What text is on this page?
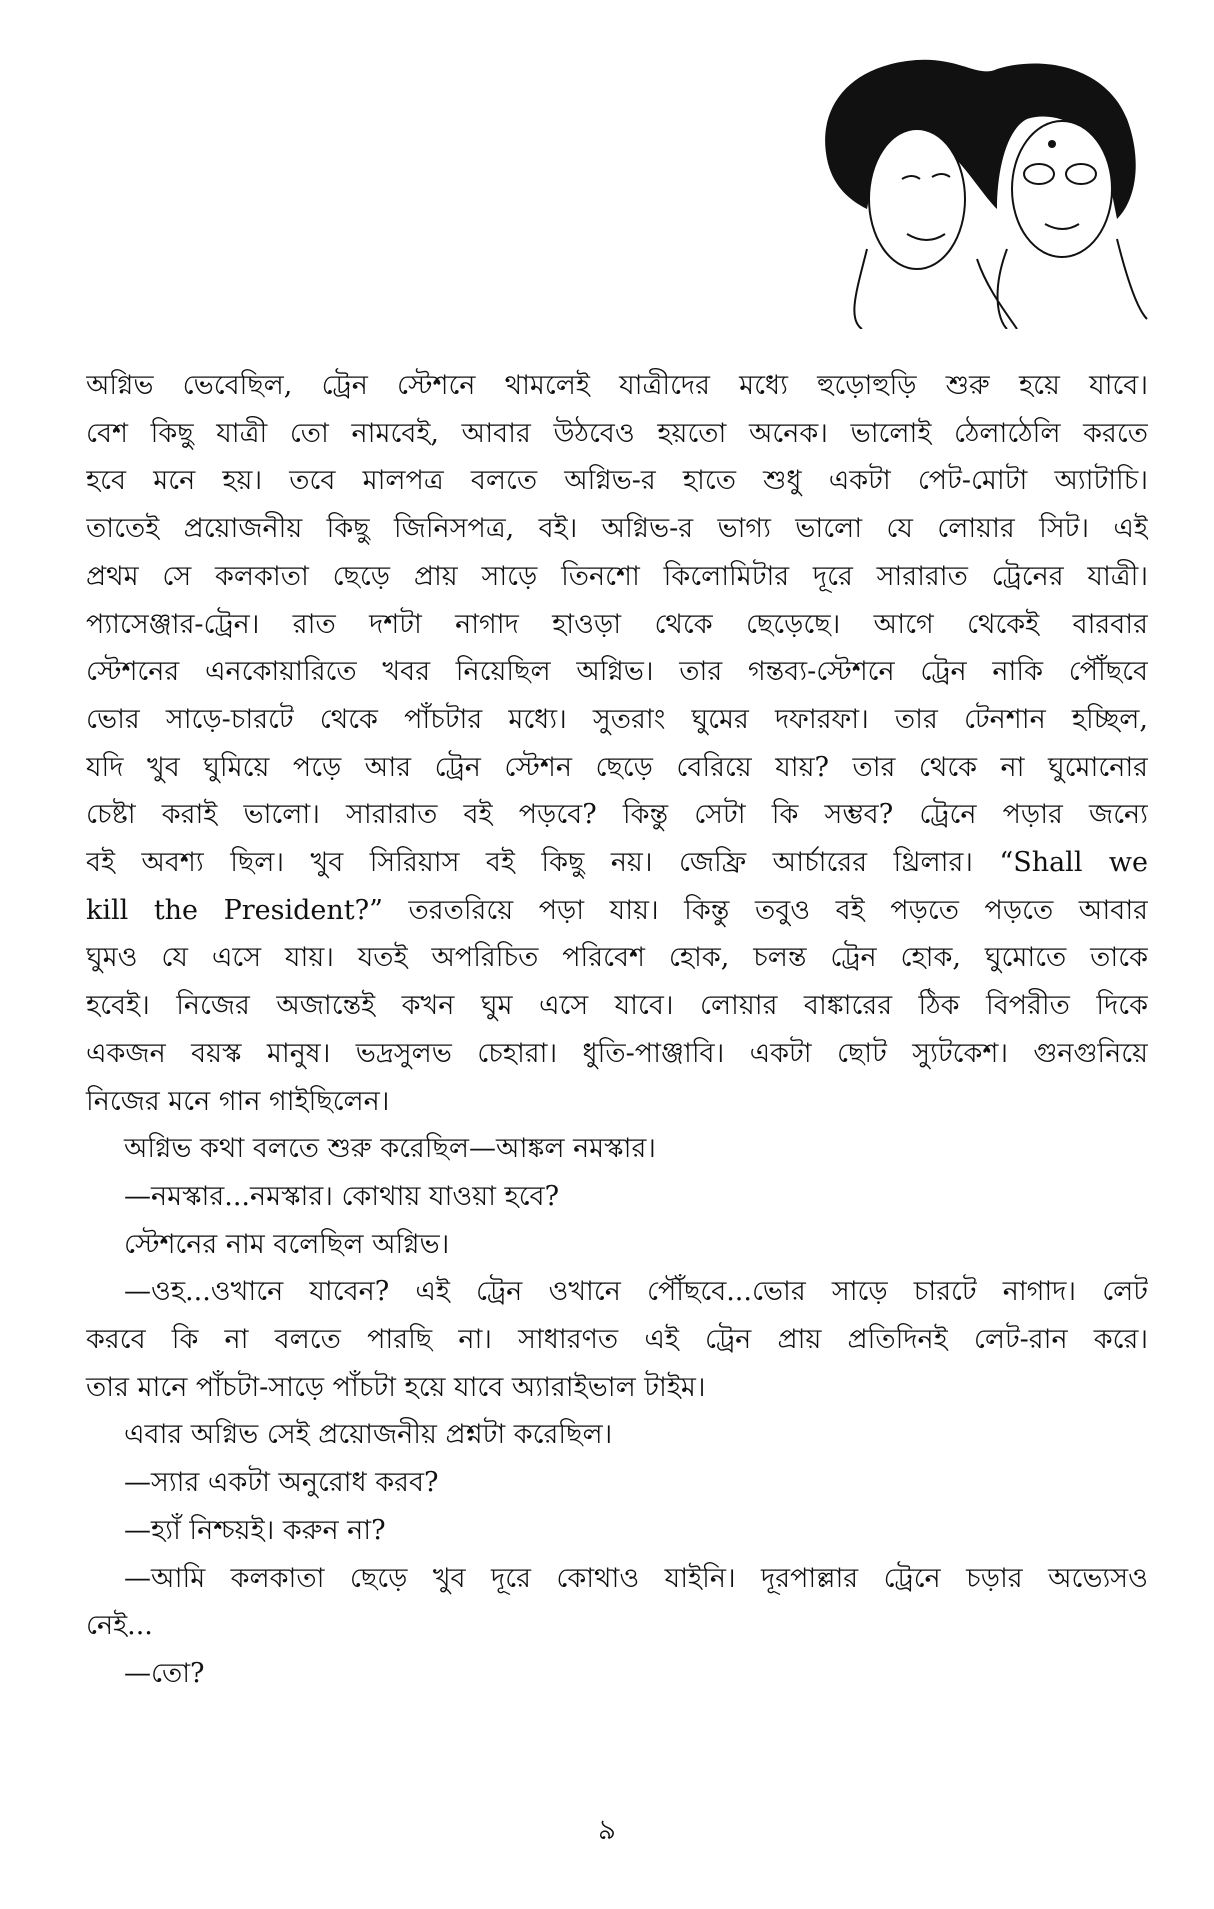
অগ্নিভ ভেবেছিল, ট্রেন স্টেশনে থামলেই যাত্রীদের মধ্যে হুড়োহুড়ি শুরু হয়ে যাবে।
বেশ কিছু যাত্রী তো নামবেই, আবার উঠবেও হয়তো অনেক। ভালোই ঠেলাঠেলি করতে
হবে মনে হয়। তবে মালপত্র বলতে অগ্নিভ-র হাতে শুধু একটা পেট-মোটা অ্যাটাচি।
তাতেই প্রয়োজনীয় কিছু জিনিসপত্র, বই। অগ্নিভ-র ভাগ্য ভালো যে লোয়ার সিট। এই
প্রথম সে কলকাতা ছেড়ে প্রায় সাড়ে তিনশো কিলোমিটার দূরে সারারাত ট্রেনের যাত্রী।
প্যাসেঞ্জার-ট্রেন। রাত দশটা নাগাদ হাওড়া থেকে ছেড়েছে। আগে থেকেই বারবার
স্টেশনের এনকোয়ারিতে খবর নিয়েছিল অগ্নিভ। তার গন্তব্য-স্টেশনে ট্রেন নাকি পৌঁছবে
ভোর সাড়ে-চারটে থেকে পাঁচটার মধ্যে। সুতরাং ঘুমের দফারফা। তার টেনশান হচ্ছিল,
যদি খুব ঘুমিয়ে পড়ে আর ট্রেন স্টেশন ছেড়ে বেরিয়ে যায়? তার থেকে না ঘুমোনোর
চেষ্টা করাই ভালো। সারারাত বই পড়বে? কিন্তু সেটা কি সম্ভব? ট্রেনে পড়ার জন্যে
বই অবশ্য ছিল। খুব সিরিয়াস বই কিছু নয়। জেফ্রি আর্চারের থ্রিলার। “Shall we
kill the President?” তরতরিয়ে পড়া যায়। কিন্তু তবুও বই পড়তে পড়তে আবার
ঘুমও যে এসে যায়। যতই অপরিচিত পরিবেশ হোক, চলন্ত ট্রেন হোক, ঘুমোতে তাকে
হবেই। নিজের অজান্তেই কখন ঘুম এসে যাবে। লোয়ার বাঙ্কারের ঠিক বিপরীত দিকে
একজন বয়স্ক মানুষ। ভদ্রসুলভ চেহারা। ধুতি-পাঞ্জাবি। একটা ছোট স্যুটকেশ। গুনগুনিয়ে
নিজের মনে গান গাইছিলেন।
অগ্নিভ কথা বলতে শুরু করেছিল—আঙ্কল নমস্কার।
—নমস্কার...নমস্কার। কোথায় যাওয়া হবে?
স্টেশনের নাম বলেছিল অগ্নিভ।
—ওহ...ওখানে যাবেন? এই ট্রেন ওখানে পৌঁছবে...ভোর সাড়ে চারটে নাগাদ। লেট
করবে কি না বলতে পারছি না। সাধারণত এই ট্রেন প্রায় প্রতিদিনই লেট-রান করে।
তার মানে পাঁচটা-সাড়ে পাঁচটা হয়ে যাবে অ্যারাইভাল টাইম।
এবার অগ্নিভ সেই প্রয়োজনীয় প্রশ্নটা করেছিল।
—স্যার একটা অনুরোধ করব?
—হ্যাঁ নিশ্চয়ই। করুন না?
—আমি কলকাতা ছেড়ে খুব দূরে কোথাও যাইনি। দূরপাল্লার ট্রেনে চড়ার অভ্যেসও
নেই...
—তো?
৯
